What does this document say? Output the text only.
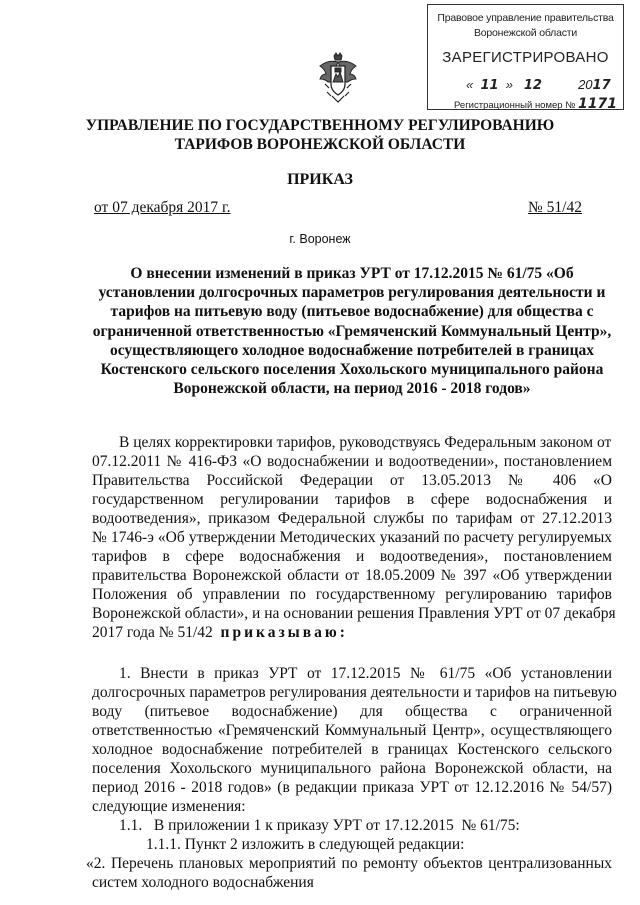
Правовое управление правительства
Воронежской области
ЗАРЕГИСТРИРОВАНО
«  11  »   12	2017
Регистрационный номер № 1171
УПРАВЛЕНИЕ ПО ГОСУДАРСТВЕННОМУ РЕГУЛИРОВАНИЮ
ТАРИФОВ ВОРОНЕЖСКОЙ ОБЛАСТИ
ПРИКАЗ
от 07 декабря 2017 г.	№ 51/42
г. Воронеж
О внесении изменений в приказ УРТ от 17.12.2015 № 61/75 «Об установлении долгосрочных параметров регулирования деятельности и тарифов на питьевую воду (питьевое водоснабжение) для общества с ограниченной ответственностью «Гремяченский Коммунальный Центр», осуществляющего холодное водоснабжение потребителей в границах Костенского сельского поселения Хохольского муниципального района Воронежской области, на период 2016 - 2018 годов»
В целях корректировки тарифов, руководствуясь Федеральным законом от
07.12.2011 № 416-ФЗ «О водоснабжении и водоотведении», постановлением
Правительства Российской Федерации от 13.05.2013 № 406 «О
государственном регулировании тарифов в сфере водоснабжения и
водоотведения», приказом Федеральной службы по тарифам от 27.12.2013
№ 1746-э «Об утверждении Методических указаний по расчету регулируемых
тарифов в сфере водоснабжения и водоотведения», постановлением
правительства Воронежской области от 18.05.2009 № 397 «Об утверждении
Положения об управлении по государственному регулированию тарифов
Воронежской области», и на основании решения Правления УРТ от 07 декабря
2017 года № 51/42 приказываю:
1. Внести в приказ УРТ от 17.12.2015 № 61/75 «Об установлении
долгосрочных параметров регулирования деятельности и тарифов на питьевую
воду (питьевое водоснабжение) для общества с ограниченной
ответственностью «Гремяченский Коммунальный Центр», осуществляющего
холодное водоснабжение потребителей в границах Костенского сельского
поселения Хохольского муниципального района Воронежской области, на
период 2016 - 2018 годов» (в редакции приказа УРТ от 12.12.2016 № 54/57)
следующие изменения:
1.1.   В приложении 1 к приказу УРТ от 17.12.2015  № 61/75:
1.1.1. Пункт 2 изложить в следующей редакции:
«2. Перечень плановых мероприятий по ремонту объектов централизованных
систем холодного водоснабжения
